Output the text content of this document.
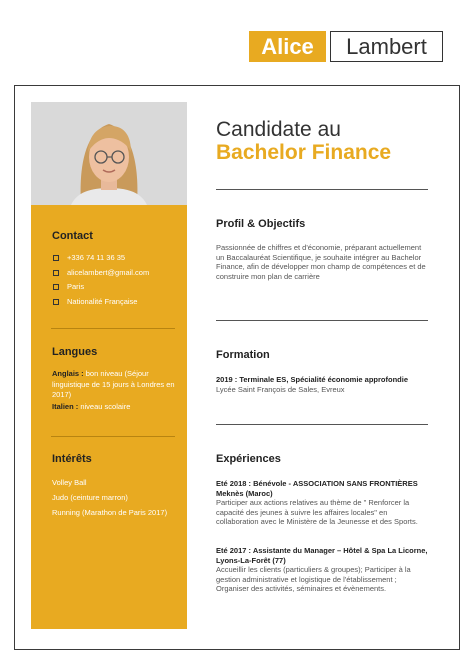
Alice	Lambert
Contact
+336 74 11 36 35
alicelambert@gmail.com
Paris
Nationalité Française
Langues
Anglais : bon niveau (Séjour linguistique de 15 jours à Londres en 2017)
Italien : niveau scolaire
Intérêts
Volley Ball
Judo (ceinture marron)
Running (Marathon de Paris 2017)
Candidate au
Bachelor Finance
Profil & Objectifs

Passionnée de chiffres et d'économie, préparant actuellement un Baccalauréat Scientifique, je souhaite intégrer au Bachelor Finance, afin de développer mon champ de compétences et de construire mon plan de carrière

Formation
2019 : Terminale ES, Spécialité économie approfondie
Lycée Saint François de Sales, Evreux
Expériences
Eté 2018 : Bénévole - ASSOCIATION SANS FRONTIÈRES Meknès (Maroc)

Participer aux actions relatives au thème de " Renforcer la capacité des jeunes à suivre les affaires locales" en collaboration avec le Ministère de la Jeunesse et des Sports.

Eté 2017 : Assistante du Manager – Hôtel & Spa La Licorne, Lyons-La-Forêt (77)

Accueillir les clients (particuliers & groupes); Participer à la gestion administrative et logistique de l'établissement ; Organiser des activités, séminaires et évènements.
